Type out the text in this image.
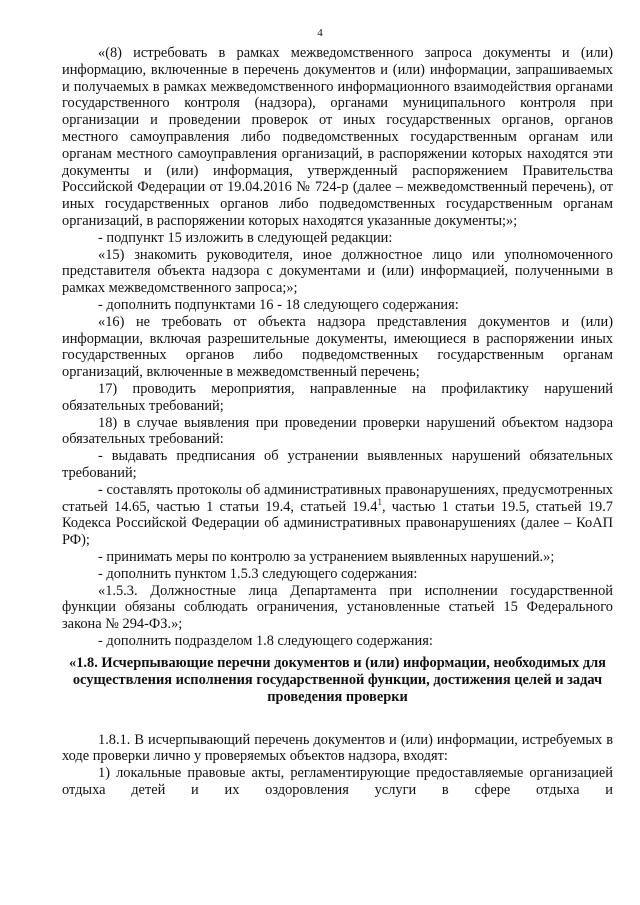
4

«(8) истребовать в рамках межведомственного запроса документы и (или) информацию, включенные в перечень документов и (или) информации, запрашиваемых и получаемых в рамках межведомственного информационного взаимодействия органами государственного контроля (надзора), органами муниципального контроля при организации и проведении проверок от иных государственных органов, органов местного самоуправления либо подведомственных государственным органам или органам местного самоуправления организаций, в распоряжении которых находятся эти документы и (или) информация, утвержденный распоряжением Правительства Российской Федерации от 19.04.2016 № 724-р (далее – межведомственный перечень), от иных государственных органов либо подведомственных государственным органам организаций, в распоряжении которых находятся указанные документы;»;

- подпункт 15 изложить в следующей редакции:

«15) знакомить руководителя, иное должностное лицо или уполномоченного представителя объекта надзора с документами и (или) информацией, полученными в рамках межведомственного запроса;»;

- дополнить подпунктами 16 - 18 следующего содержания:

«16) не требовать от объекта надзора представления документов и (или) информации, включая разрешительные документы, имеющиеся в распоряжении иных государственных органов либо подведомственных государственным органам организаций, включенные в межведомственный перечень;

17) проводить мероприятия, направленные на профилактику нарушений обязательных требований;

18) в случае выявления при проведении проверки нарушений объектом надзора обязательных требований:

- выдавать предписания об устранении выявленных нарушений обязательных требований;

- составлять протоколы об административных правонарушениях, предусмотренных статьей 14.65, частью 1 статьи 19.4, статьей 19.4$^1$, частью 1 статьи 19.5, статьей 19.7 Кодекса Российской Федерации об административных правонарушениях (далее – КоАП РФ);

- принимать меры по контролю за устранением выявленных нарушений.»;

- дополнить пунктом 1.5.3 следующего содержания:

«1.5.3. Должностные лица Департамента при исполнении государственной функции обязаны соблюдать ограничения, установленные статьей 15 Федерального закона № 294-ФЗ.»;

- дополнить подразделом 1.8 следующего содержания:

«1.8. Исчерпывающие перечни документов и (или) информации, необходимых для осуществления исполнения государственной функции, достижения целей и задач проведения проверки

1.8.1. В исчерпывающий перечень документов и (или) информации, истребуемых в ходе проверки лично у проверяемых объектов надзора, входят:

1) локальные правовые акты, регламентирующие предоставляемые организацией отдыха детей и их оздоровления услуги в сфере отдыха и
